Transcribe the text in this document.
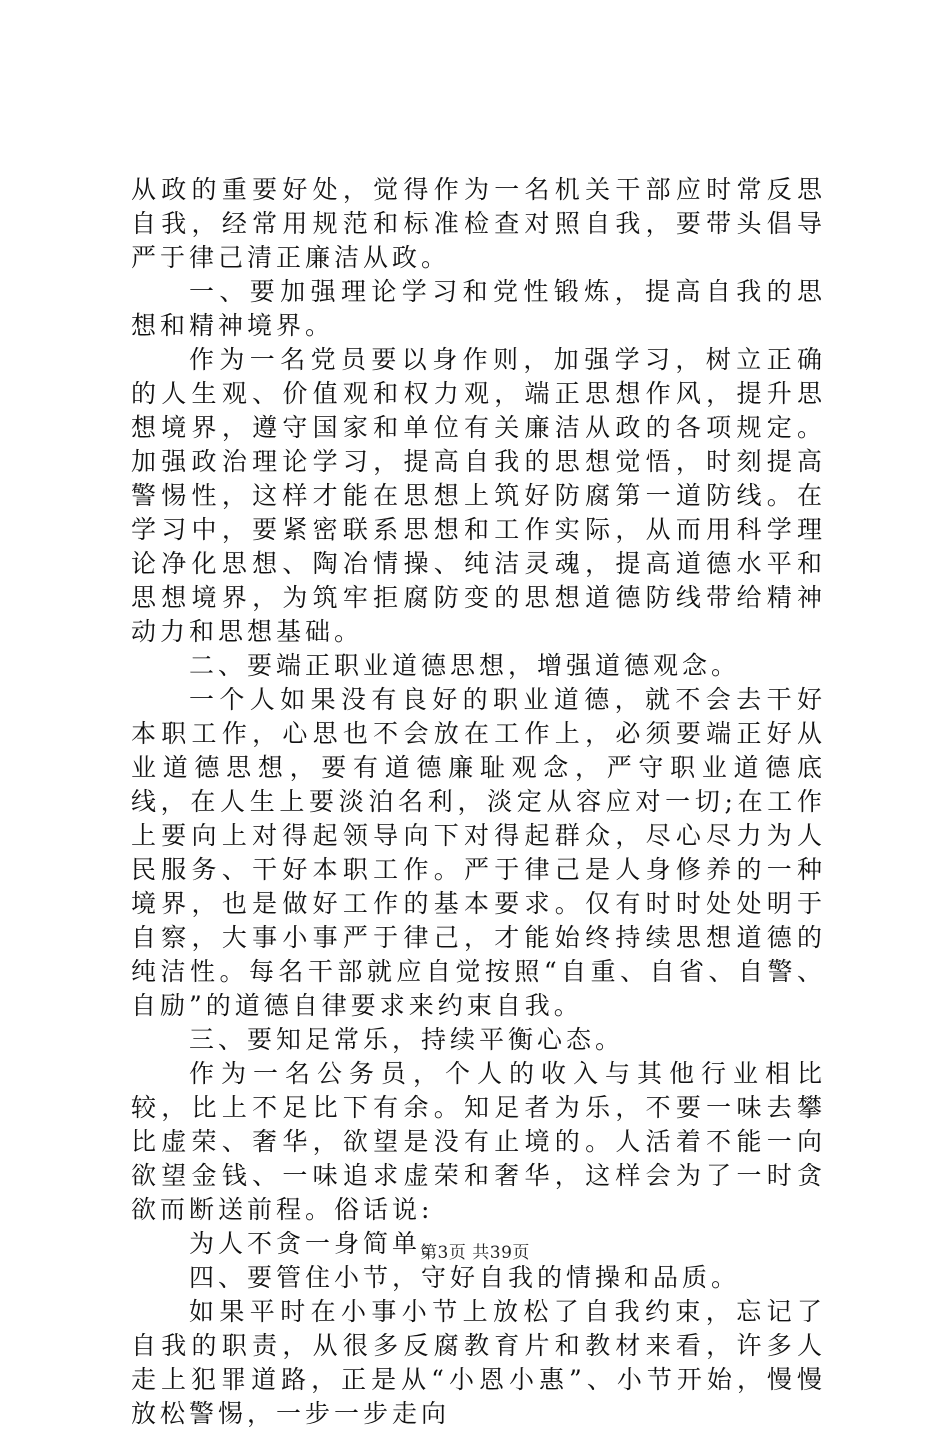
从政的重要好处，觉得作为一名机关干部应时常反思自我，经常用规范和标准检查对照自我，要带头倡导严于律己清正廉洁从政。

一、要加强理论学习和党性锻炼，提高自我的思想和精神境界。

作为一名党员要以身作则，加强学习，树立正确的人生观、价值观和权力观，端正思想作风，提升思想境界，遵守国家和单位有关廉洁从政的各项规定。加强政治理论学习，提高自我的思想觉悟，时刻提高警惕性，这样才能在思想上筑好防腐第一道防线。在学习中，要紧密联系思想和工作实际，从而用科学理论净化思想、陶冶情操、纯洁灵魂，提高道德水平和思想境界，为筑牢拒腐防变的思想道德防线带给精神动力和思想基础。

二、要端正职业道德思想，增强道德观念。

一个人如果没有良好的职业道德，就不会去干好本职工作，心思也不会放在工作上，必须要端正好从业道德思想，要有道德廉耻观念，严守职业道德底线，在人生上要淡泊名利，淡定从容应对一切;在工作上要向上对得起领导向下对得起群众，尽心尽力为人民服务、干好本职工作。严于律己是人身修养的一种境界，也是做好工作的基本要求。仅有时时处处明于自察，大事小事严于律己，才能始终持续思想道德的纯洁性。每名干部就应自觉按照“自重、自省、自警、自励”的道德自律要求来约束自我。

三、要知足常乐，持续平衡心态。

作为一名公务员，个人的收入与其他行业相比较，比上不足比下有余。知足者为乐，不要一味去攀比虚荣、奢华，欲望是没有止境的。人活着不能一向欲望金钱、一味追求虚荣和奢华，这样会为了一时贪欲而断送前程。俗话说:

为人不贪一身简单。

四、要管住小节，守好自我的情操和品质。

如果平时在小事小节上放松了自我约束，忘记了自我的职责，从很多反腐教育片和教材来看，许多人走上犯罪道路，正是从“小恩小惠”、小节开始，慢慢放松警惕，一步一步走向

第3页 共39页
